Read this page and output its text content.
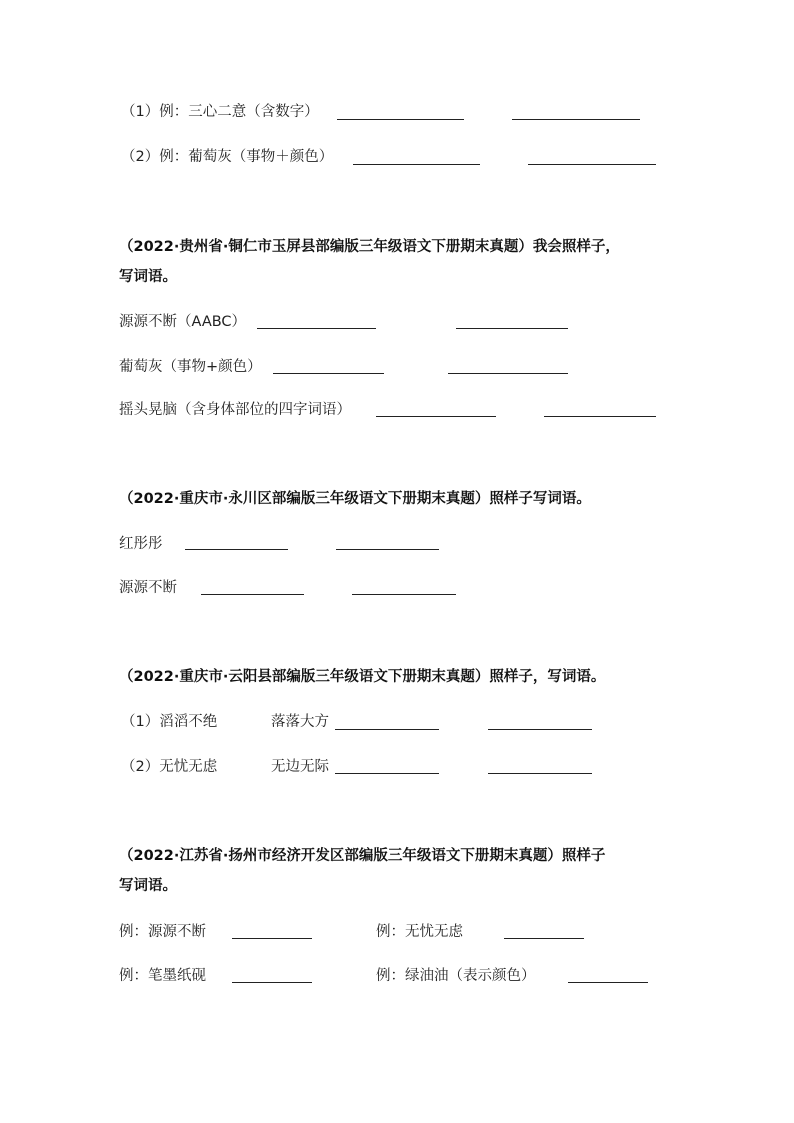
（1）例：三心二意（含数字）
（2）例：葡萄灰（事物＋颜色）
（2022·贵州省·铜仁市玉屏县部编版三年级语文下册期末真题）我会照样子，
写词语。
源源不断（AABC）
葡萄灰（事物+颜色）
摇头晃脑（含身体部位的四字词语）
（2022·重庆市·永川区部编版三年级语文下册期末真题）照样子写词语。
红彤彤
源源不断
（2022·重庆市·云阳县部编版三年级语文下册期末真题）照样子，写词语。
（1）滔滔不绝	落落大方
（2）无忧无虑	无边无际
（2022·江苏省·扬州市经济开发区部编版三年级语文下册期末真题）照样子
写词语。
例：源源不断	例：无忧无虑
例：笔墨纸砚	例：绿油油（表示颜色）
